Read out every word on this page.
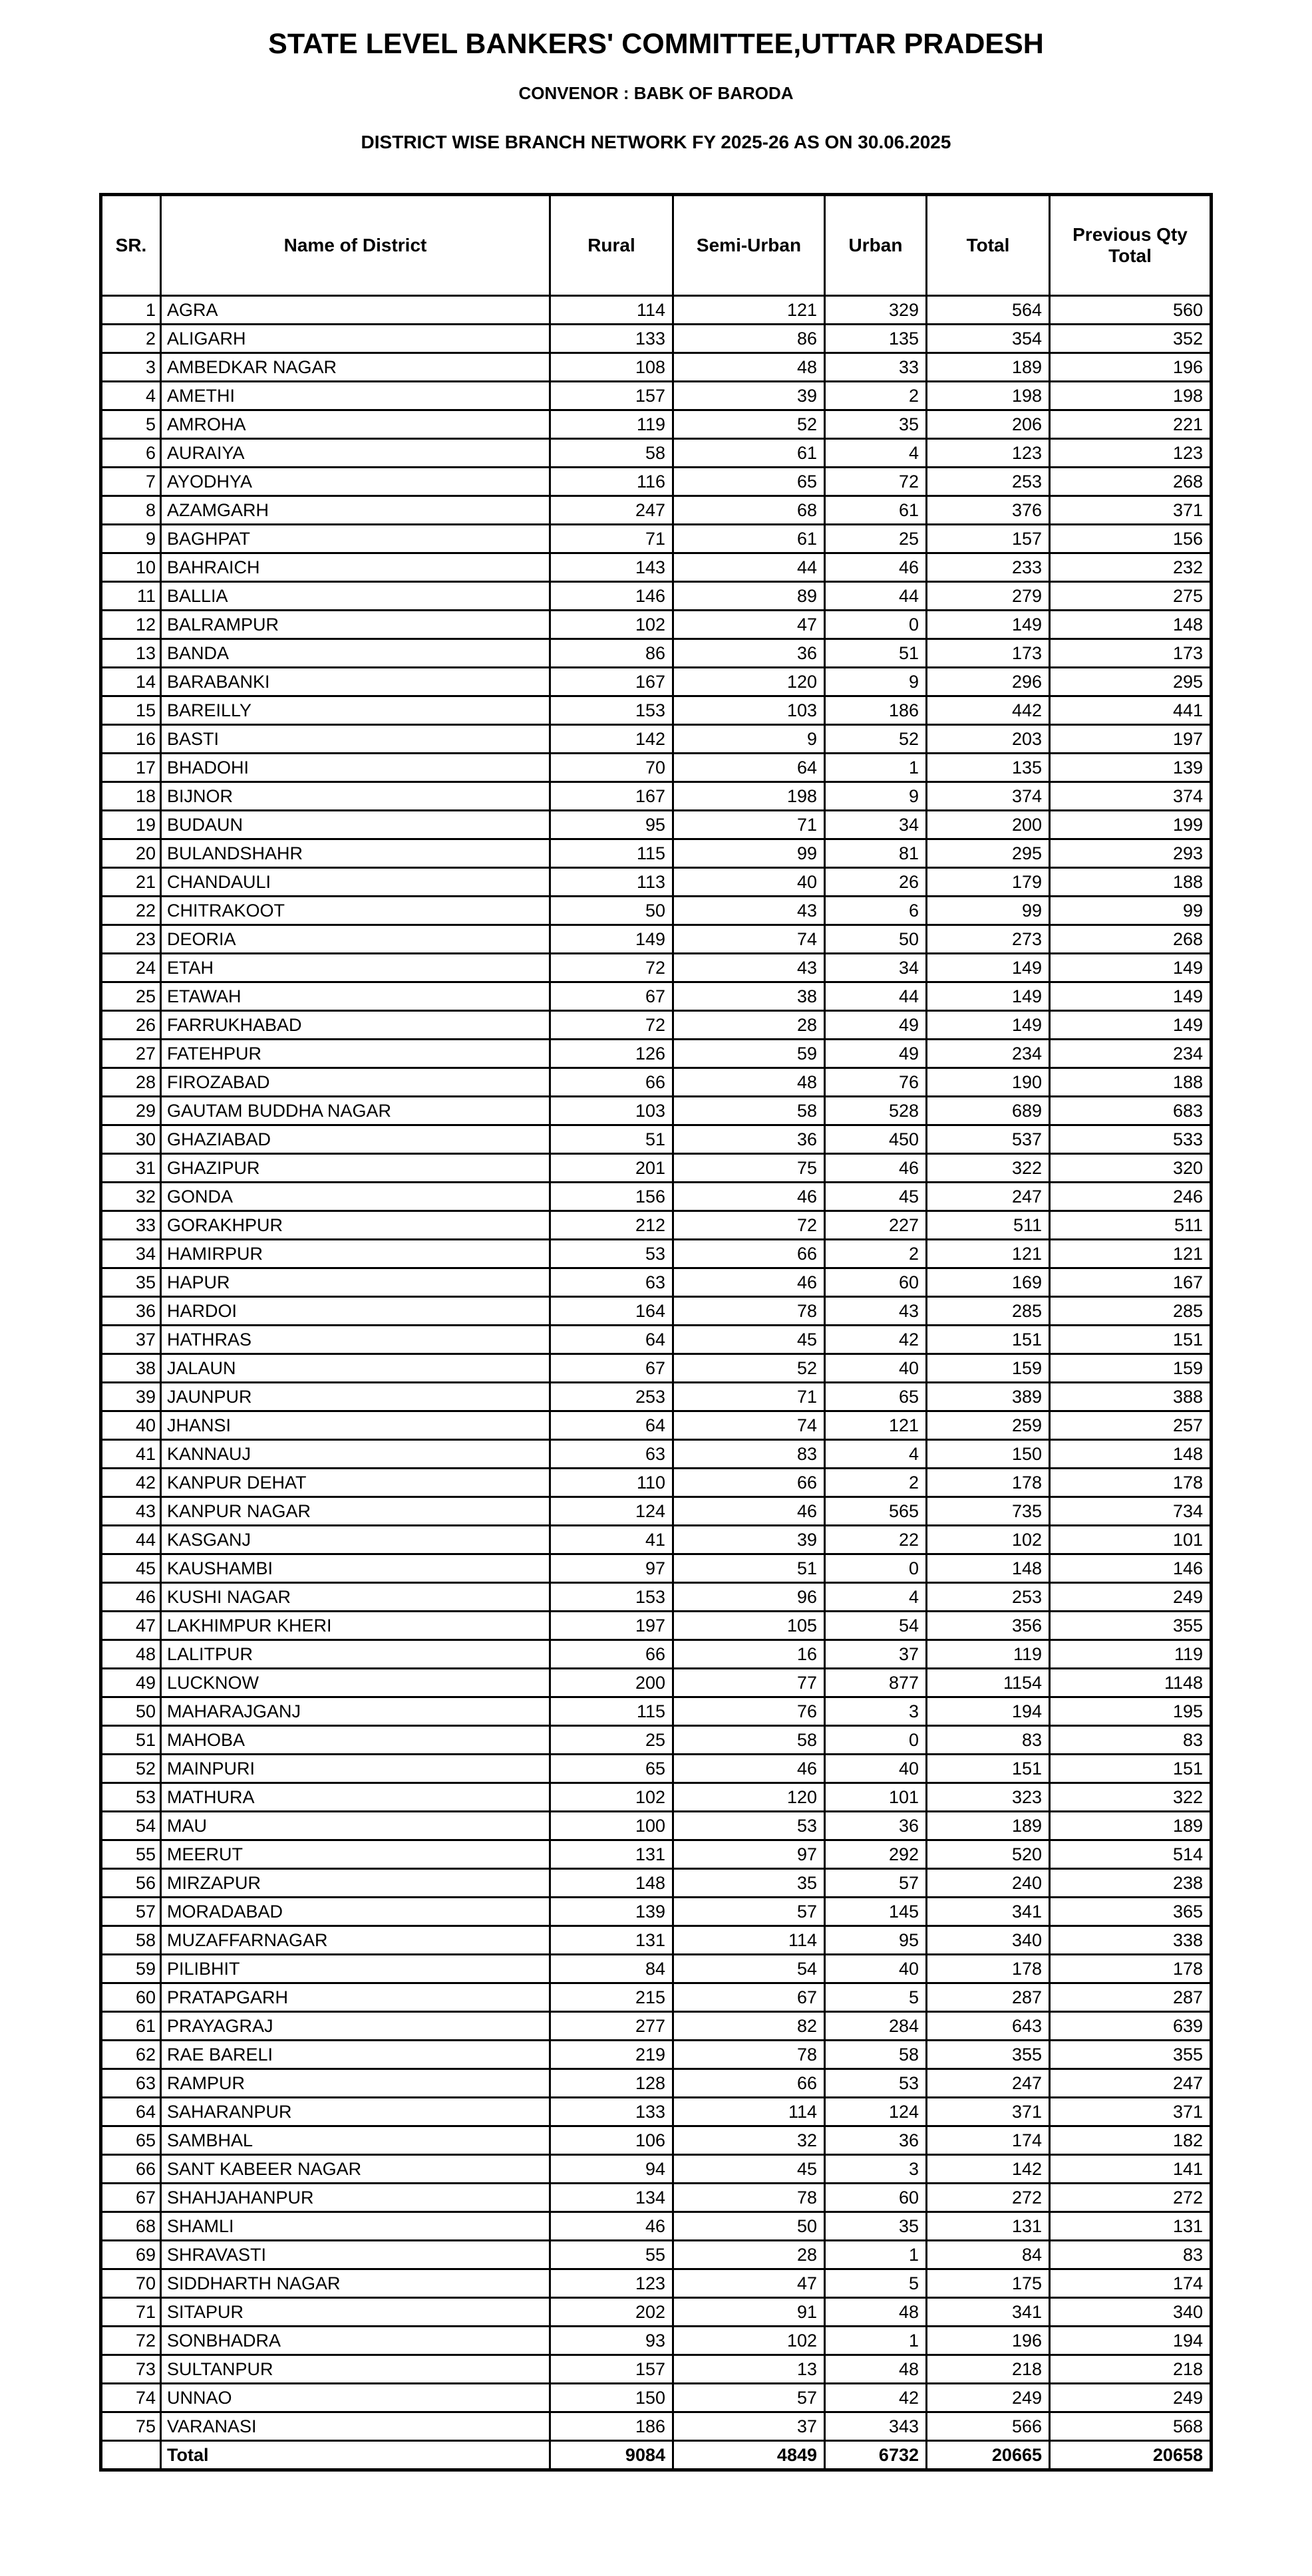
STATE LEVEL BANKERS' COMMITTEE,UTTAR PRADESH
CONVENOR : BABK OF BARODA
DISTRICT WISE BRANCH NETWORK FY 2025-26 AS ON 30.06.2025
SR.	Name of District	Rural	Semi-Urban	Urban	Total	Previous Qty Total
1	AGRA	114	121	329	564	560
2	ALIGARH	133	86	135	354	352
3	AMBEDKAR NAGAR	108	48	33	189	196
4	AMETHI	157	39	2	198	198
5	AMROHA	119	52	35	206	221
6	AURAIYA	58	61	4	123	123
7	AYODHYA	116	65	72	253	268
8	AZAMGARH	247	68	61	376	371
9	BAGHPAT	71	61	25	157	156
10	BAHRAICH	143	44	46	233	232
11	BALLIA	146	89	44	279	275
12	BALRAMPUR	102	47	0	149	148
13	BANDA	86	36	51	173	173
14	BARABANKI	167	120	9	296	295
15	BAREILLY	153	103	186	442	441
16	BASTI	142	9	52	203	197
17	BHADOHI	70	64	1	135	139
18	BIJNOR	167	198	9	374	374
19	BUDAUN	95	71	34	200	199
20	BULANDSHAHR	115	99	81	295	293
21	CHANDAULI	113	40	26	179	188
22	CHITRAKOOT	50	43	6	99	99
23	DEORIA	149	74	50	273	268
24	ETAH	72	43	34	149	149
25	ETAWAH	67	38	44	149	149
26	FARRUKHABAD	72	28	49	149	149
27	FATEHPUR	126	59	49	234	234
28	FIROZABAD	66	48	76	190	188
29	GAUTAM BUDDHA NAGAR	103	58	528	689	683
30	GHAZIABAD	51	36	450	537	533
31	GHAZIPUR	201	75	46	322	320
32	GONDA	156	46	45	247	246
33	GORAKHPUR	212	72	227	511	511
34	HAMIRPUR	53	66	2	121	121
35	HAPUR	63	46	60	169	167
36	HARDOI	164	78	43	285	285
37	HATHRAS	64	45	42	151	151
38	JALAUN	67	52	40	159	159
39	JAUNPUR	253	71	65	389	388
40	JHANSI	64	74	121	259	257
41	KANNAUJ	63	83	4	150	148
42	KANPUR DEHAT	110	66	2	178	178
43	KANPUR NAGAR	124	46	565	735	734
44	KASGANJ	41	39	22	102	101
45	KAUSHAMBI	97	51	0	148	146
46	KUSHI NAGAR	153	96	4	253	249
47	LAKHIMPUR KHERI	197	105	54	356	355
48	LALITPUR	66	16	37	119	119
49	LUCKNOW	200	77	877	1154	1148
50	MAHARAJGANJ	115	76	3	194	195
51	MAHOBA	25	58	0	83	83
52	MAINPURI	65	46	40	151	151
53	MATHURA	102	120	101	323	322
54	MAU	100	53	36	189	189
55	MEERUT	131	97	292	520	514
56	MIRZAPUR	148	35	57	240	238
57	MORADABAD	139	57	145	341	365
58	MUZAFFARNAGAR	131	114	95	340	338
59	PILIBHIT	84	54	40	178	178
60	PRATAPGARH	215	67	5	287	287
61	PRAYAGRAJ	277	82	284	643	639
62	RAE BARELI	219	78	58	355	355
63	RAMPUR	128	66	53	247	247
64	SAHARANPUR	133	114	124	371	371
65	SAMBHAL	106	32	36	174	182
66	SANT KABEER NAGAR	94	45	3	142	141
67	SHAHJAHANPUR	134	78	60	272	272
68	SHAMLI	46	50	35	131	131
69	SHRAVASTI	55	28	1	84	83
70	SIDDHARTH NAGAR	123	47	5	175	174
71	SITAPUR	202	91	48	341	340
72	SONBHADRA	93	102	1	196	194
73	SULTANPUR	157	13	48	218	218
74	UNNAO	150	57	42	249	249
75	VARANASI	186	37	343	566	568
	Total	9084	4849	6732	20665	20658
